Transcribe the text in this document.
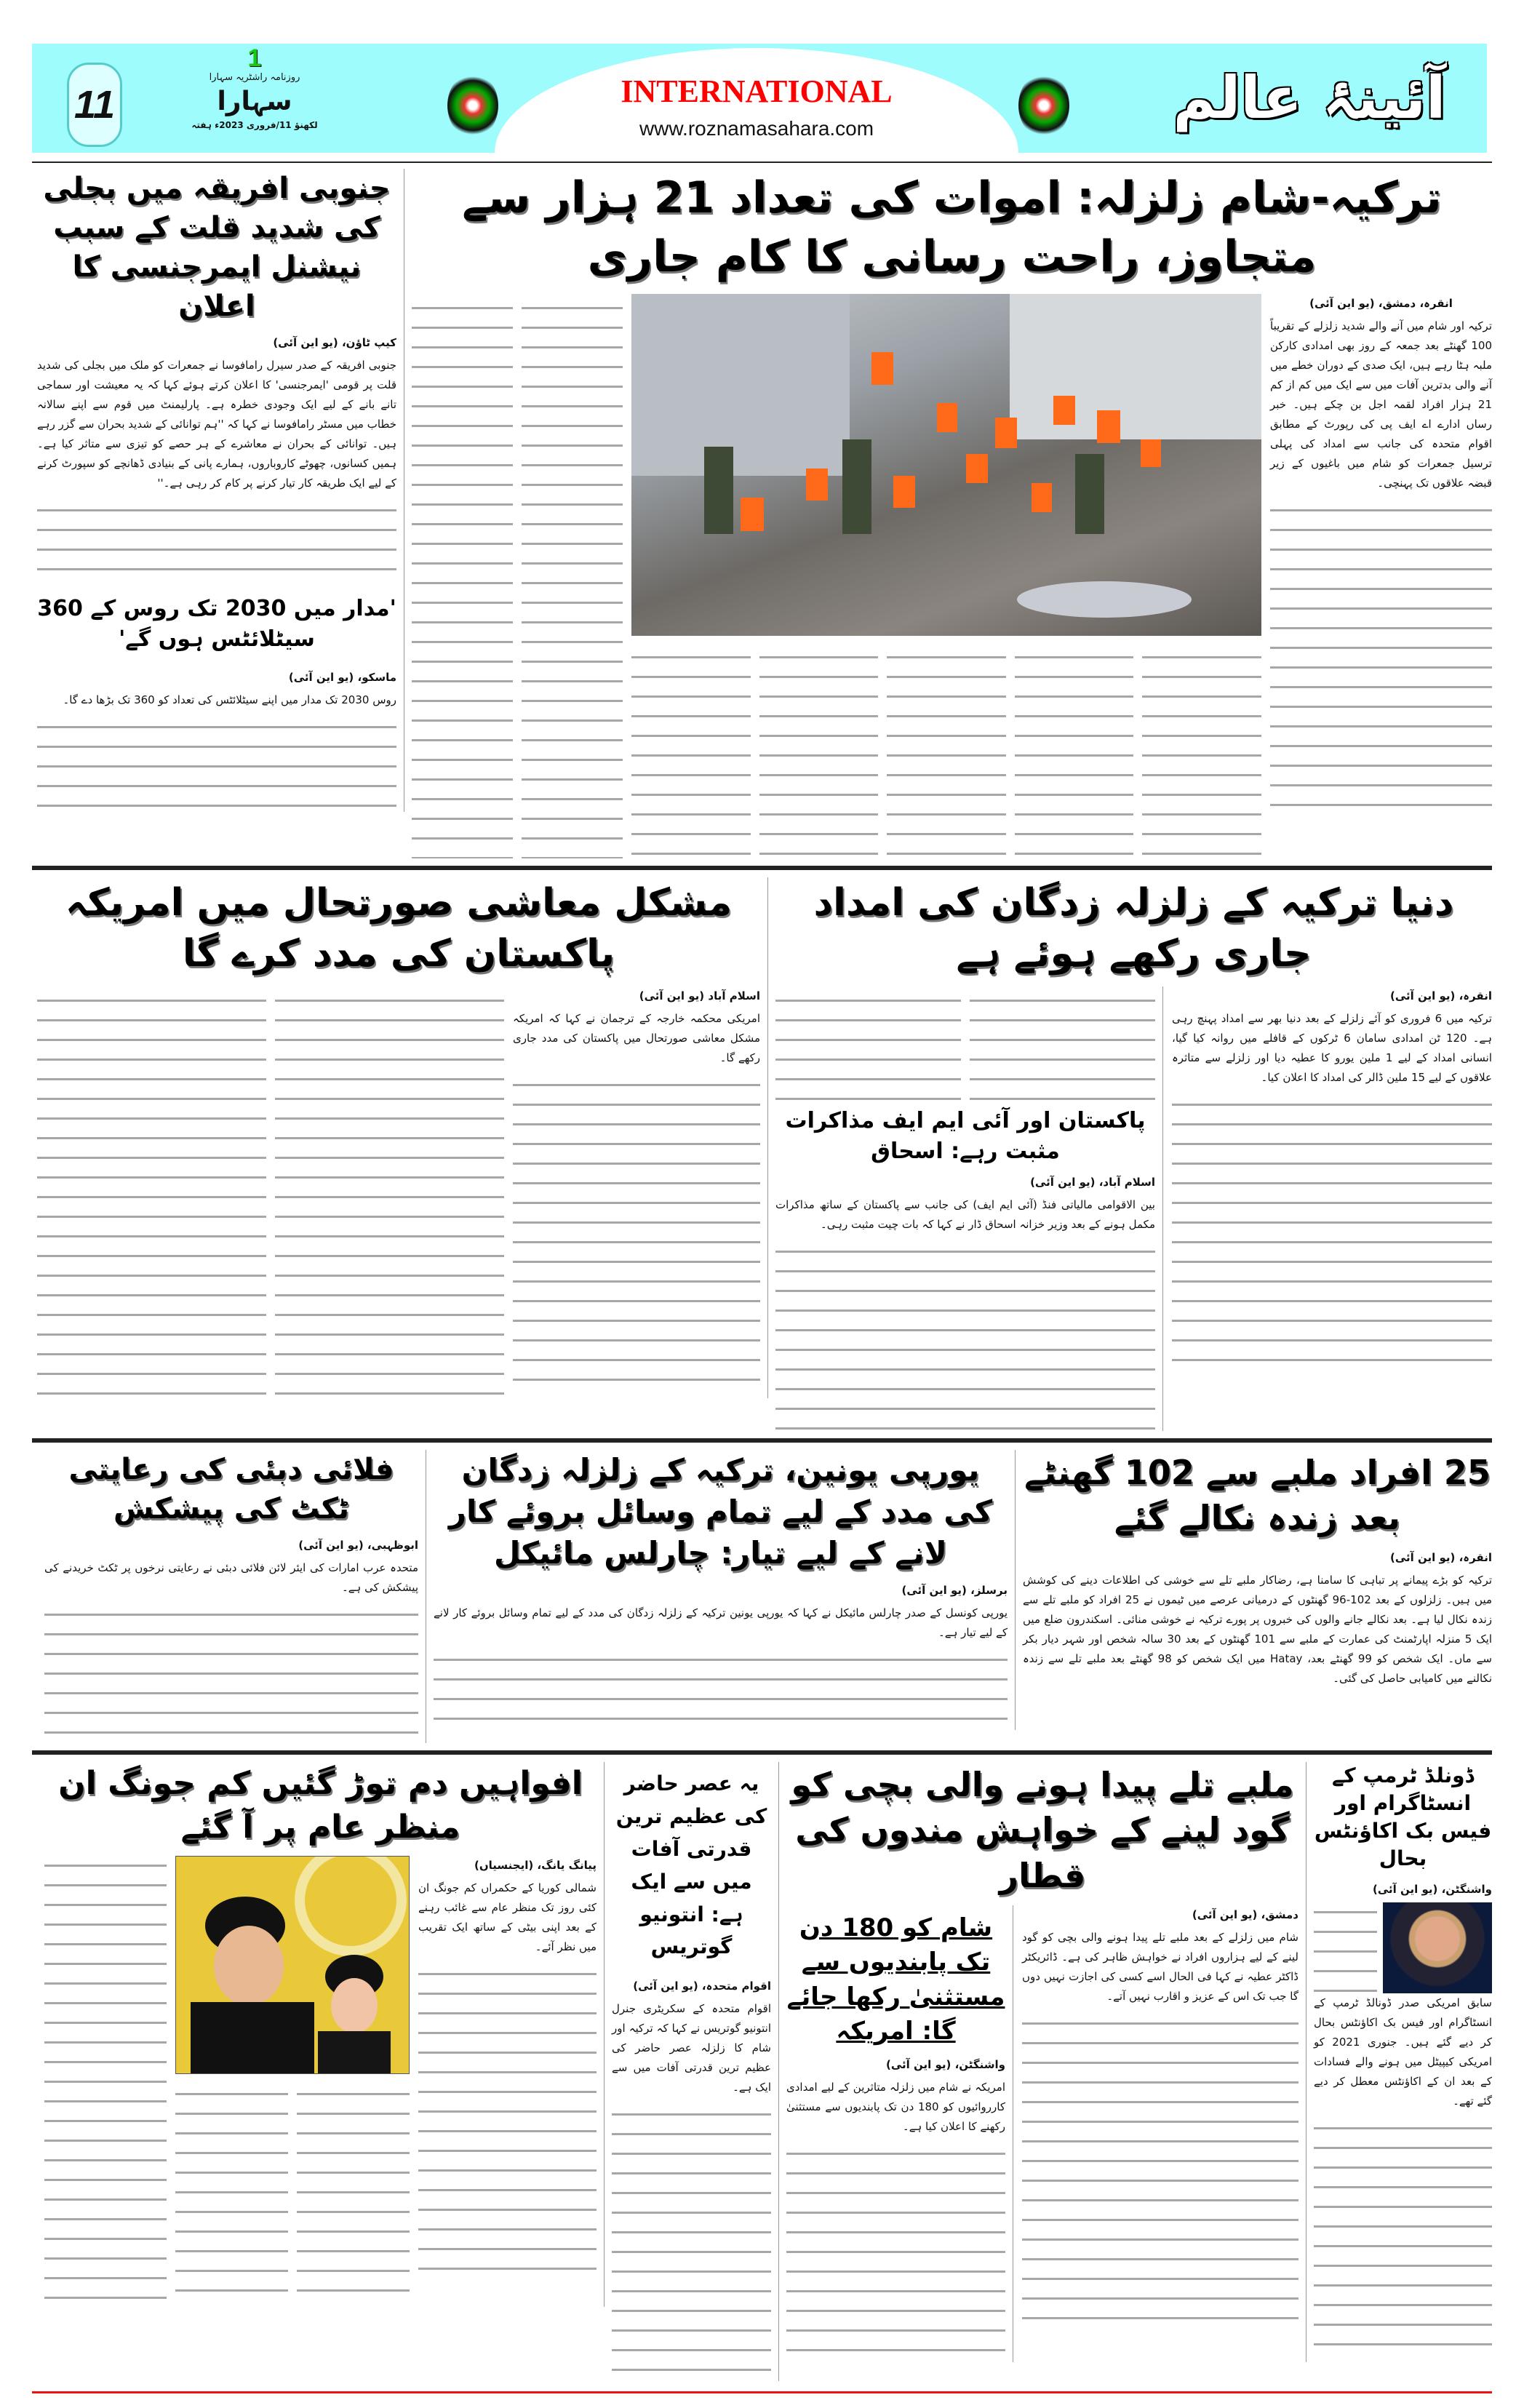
INTERNATIONAL
www.roznamasahara.com	آئینۂ عالم
11
1
روزنامہ راشٹریہ سہارا
سہارا
لکھنؤ 11/فروری 2023ء ہفتہ
ترکیہ-شام زلزلہ: اموات کی تعداد 21 ہزار سے متجاوز، راحت رسانی کا کام جاری

انقرہ، دمشق، (یو این آئی)

ترکیہ اور شام میں آنے والے شدید زلزلے کے تقریباً 100 گھنٹے بعد جمعہ کے روز بھی امدادی کارکن ملبہ ہٹا رہے ہیں، ایک صدی کے دوران خطے میں آنے والی بدترین آفات میں سے ایک میں کم از کم 21 ہزار افراد لقمہ اجل بن چکے ہیں۔ خبر رساں ادارے اے ایف پی کی رپورٹ کے مطابق اقوام متحدہ کی جانب سے امداد کی پہلی ترسیل جمعرات کو شام میں باغیوں کے زیر قبضہ علاقوں تک پہنچی۔

جنوبی افریقہ میں بجلی کی شدید قلت کے سبب نیشنل ایمرجنسی کا اعلان

کیپ ٹاؤن، (یو این آئی)

جنوبی افریقہ کے صدر سیرل رامافوسا نے جمعرات کو ملک میں بجلی کی شدید قلت پر قومی 'ایمرجنسی' کا اعلان کرتے ہوئے کہا کہ یہ معیشت اور سماجی تانے بانے کے لیے ایک وجودی خطرہ ہے۔ پارلیمنٹ میں قوم سے اپنے سالانہ خطاب میں مسٹر رامافوسا نے کہا کہ ''ہم توانائی کے شدید بحران سے گزر رہے ہیں۔ توانائی کے بحران نے معاشرے کے ہر حصے کو تیزی سے متاثر کیا ہے۔ ہمیں کسانوں، چھوٹے کاروباروں، ہمارے پانی کے بنیادی ڈھانچے کو سپورٹ کرنے کے لیے ایک طریقہ کار تیار کرنے پر کام کر رہی ہے۔''

'مدار میں 2030 تک روس کے 360 سیٹلائٹس ہوں گے'

ماسکو، (یو این آئی)

روس 2030 تک مدار میں اپنے سیٹلائٹس کی تعداد کو 360 تک بڑھا دے گا۔

دنیا ترکیہ کے زلزلہ زدگان کی امداد جاری رکھے ہوئے ہے

انقرہ، (یو این آئی)

ترکیہ میں 6 فروری کو آئے زلزلے کے بعد دنیا بھر سے امداد پہنچ رہی ہے۔ 120 ٹن امدادی سامان 6 ٹرکوں کے قافلے میں روانہ کیا گیا، انسانی امداد کے لیے 1 ملین یورو کا عطیہ دیا اور زلزلے سے متاثرہ علاقوں کے لیے 15 ملین ڈالر کی امداد کا اعلان کیا۔

پاکستان اور آئی ایم ایف مذاکرات مثبت رہے: اسحاق

اسلام آباد، (یو این آئی)

بین الاقوامی مالیاتی فنڈ (آئی ایم ایف) کی جانب سے پاکستان کے ساتھ مذاکرات مکمل ہونے کے بعد وزیر خزانہ اسحاق ڈار نے کہا کہ بات چیت مثبت رہی۔

مشکل معاشی صورتحال میں امریکہ پاکستان کی مدد کرے گا

اسلام آباد (یو این آئی)

امریکی محکمہ خارجہ کے ترجمان نے کہا کہ امریکہ مشکل معاشی صورتحال میں پاکستان کی مدد جاری رکھے گا۔

25 افراد ملبے سے 102 گھنٹے بعد زندہ نکالے گئے

انقرہ، (یو این آئی)

ترکیہ کو بڑے پیمانے پر تباہی کا سامنا ہے، رضاکار ملبے تلے سے خوشی کی اطلاعات دینے کی کوشش میں ہیں۔ زلزلوں کے بعد 102-96 گھنٹوں کے درمیانی عرصے میں ٹیموں نے 25 افراد کو ملبے تلے سے زندہ نکال لیا ہے۔ بعد نکالے جانے والوں کی خبروں پر پورے ترکیہ نے خوشی منائی۔ اسکندرون ضلع میں ایک 5 منزلہ اپارٹمنٹ کی عمارت کے ملبے سے 101 گھنٹوں کے بعد 30 سالہ شخص اور شہر دیار بکر سے ماں۔ ایک شخص کو 99 گھنٹے بعد، Hatay میں ایک شخص کو 98 گھنٹے بعد ملبے تلے سے زندہ نکالنے میں کامیابی حاصل کی گئی۔

یورپی یونین، ترکیہ کے زلزلہ زدگان کی مدد کے لیے تمام وسائل بروئے کار لانے کے لیے تیار: چارلس مائیکل

برسلز، (یو این آئی)

یورپی کونسل کے صدر چارلس مائیکل نے کہا کہ یورپی یونین ترکیہ کے زلزلہ زدگان کی مدد کے لیے تمام وسائل بروئے کار لانے کے لیے تیار ہے۔

فلائی دبئی کی رعایتی ٹکٹ کی پیشکش

ابوظہبی، (یو این آئی)

متحدہ عرب امارات کی ایئر لائن فلائی دبئی نے رعایتی نرخوں پر ٹکٹ خریدنے کی پیشکش کی ہے۔

ڈونلڈ ٹرمپ کے انسٹاگرام اور فیس بک اکاؤنٹس بحال

واشنگٹن، (یو این آئی)

سابق امریکی صدر ڈونالڈ ٹرمپ کے انسٹاگرام اور فیس بک اکاؤنٹس بحال کر دیے گئے ہیں۔ جنوری 2021 کو امریکی کیپیٹل میں ہونے والے فسادات کے بعد ان کے اکاؤنٹس معطل کر دیے گئے تھے۔

ملبے تلے پیدا ہونے والی بچی کو گود لینے کے خواہش مندوں کی قطار

دمشق، (یو این آئی)

شام میں زلزلے کے بعد ملبے تلے پیدا ہونے والی بچی کو گود لینے کے لیے ہزاروں افراد نے خواہش ظاہر کی ہے۔ ڈائریکٹر ڈاکٹر عطیہ نے کہا فی الحال اسے کسی کی اجازت نہیں دوں گا جب تک اس کے عزیز و اقارب نہیں آتے۔

شام کو 180 دن تک پابندیوں سے مستثنیٰ رکھا جائے گا: امریکہ

واشنگٹن، (یو این آئی)

امریکہ نے شام میں زلزلہ متاثرین کے لیے امدادی کارروائیوں کو 180 دن تک پابندیوں سے مستثنیٰ رکھنے کا اعلان کیا ہے۔

یہ عصر حاضر کی عظیم ترین قدرتی آفات میں سے ایک ہے: انتونیو گوتریس

اقوام متحدہ، (یو این آئی)

اقوام متحدہ کے سکریٹری جنرل انتونیو گوتریس نے کہا کہ ترکیہ اور شام کا زلزلہ عصر حاضر کی عظیم ترین قدرتی آفات میں سے ایک ہے۔

افواہیں دم توڑ گئیں کم جونگ ان منظر عام پر آ گئے

پیانگ یانگ، (ایجنسیاں)

شمالی کوریا کے حکمراں کم جونگ ان کئی روز تک منظر عام سے غائب رہنے کے بعد اپنی بیٹی کے ساتھ ایک تقریب میں نظر آئے۔
